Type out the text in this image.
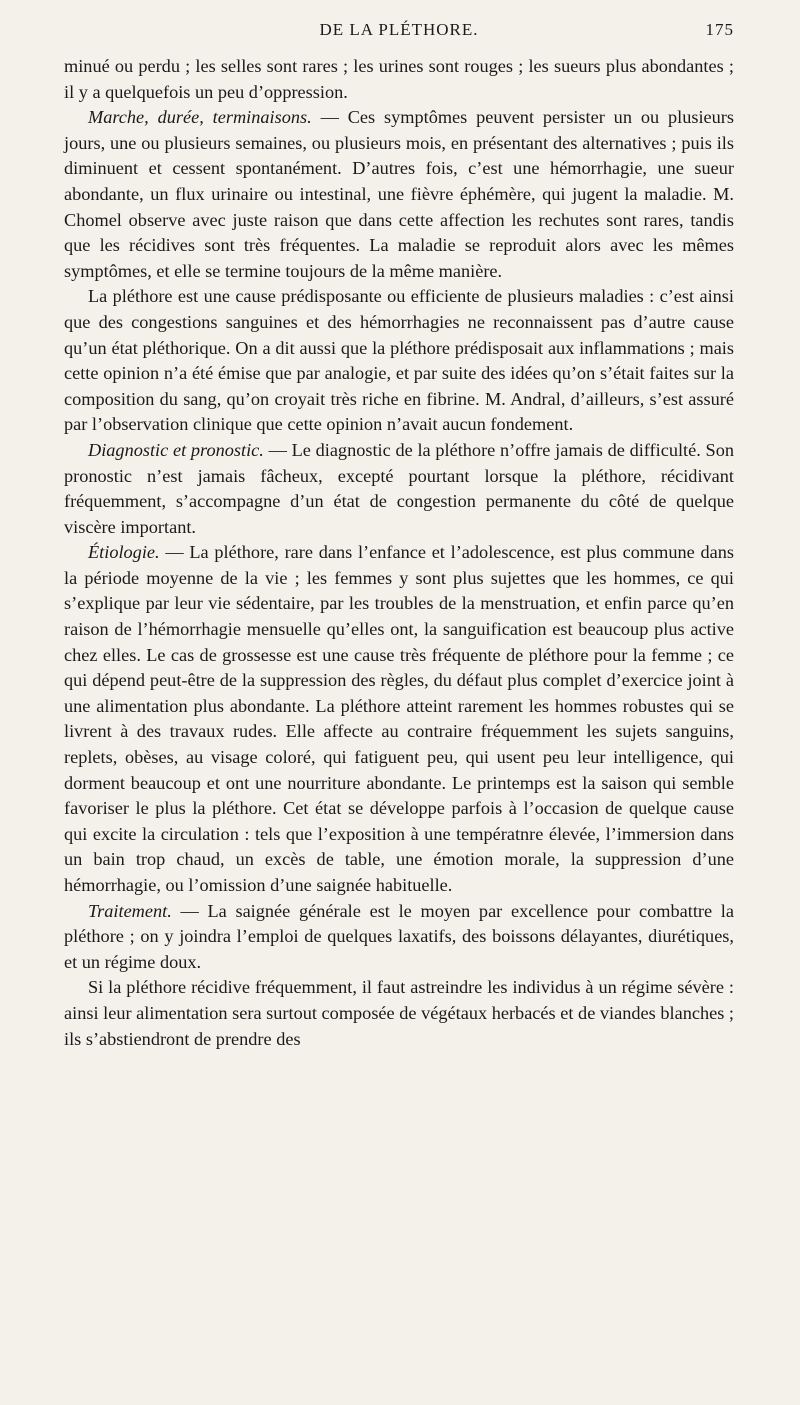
DE LA PLÉTHORE.	175

minué ou perdu ; les selles sont rares ; les urines sont rouges ; les sueurs plus abondantes ; il y a quelquefois un peu d’oppression.

Marche, durée, terminaisons. — Ces symptômes peuvent persister un ou plusieurs jours, une ou plusieurs semaines, ou plusieurs mois, en présentant des alternatives ; puis ils diminuent et cessent spontanément. D’autres fois, c’est une hémorrhagie, une sueur abondante, un flux urinaire ou intestinal, une fièvre éphémère, qui jugent la maladie. M. Chomel observe avec juste raison que dans cette affection les rechutes sont rares, tandis que les récidives sont très fréquentes. La maladie se reproduit alors avec les mêmes symptômes, et elle se termine toujours de la même manière.

La pléthore est une cause prédisposante ou efficiente de plusieurs maladies : c’est ainsi que des congestions sanguines et des hémorrhagies ne reconnaissent pas d’autre cause qu’un état pléthorique. On a dit aussi que la pléthore prédisposait aux inflammations ; mais cette opinion n’a été émise que par analogie, et par suite des idées qu’on s’était faites sur la composition du sang, qu’on croyait très riche en fibrine. M. Andral, d’ailleurs, s’est assuré par l’observation clinique que cette opinion n’avait aucun fondement.

Diagnostic et pronostic. — Le diagnostic de la pléthore n’offre jamais de difficulté. Son pronostic n’est jamais fâcheux, excepté pourtant lorsque la pléthore, récidivant fréquemment, s’accompagne d’un état de congestion permanente du côté de quelque viscère important.

Étiologie. — La pléthore, rare dans l’enfance et l’adolescence, est plus commune dans la période moyenne de la vie ; les femmes y sont plus sujettes que les hommes, ce qui s’explique par leur vie sédentaire, par les troubles de la menstruation, et enfin parce qu’en raison de l’hémorrhagie mensuelle qu’elles ont, la sanguification est beaucoup plus active chez elles. Le cas de grossesse est une cause très fréquente de pléthore pour la femme ; ce qui dépend peut-être de la suppression des règles, du défaut plus complet d’exercice joint à une alimentation plus abondante. La pléthore atteint rarement les hommes robustes qui se livrent à des travaux rudes. Elle affecte au contraire fréquemment les sujets sanguins, replets, obèses, au visage coloré, qui fatiguent peu, qui usent peu leur intelligence, qui dorment beaucoup et ont une nourriture abondante. Le printemps est la saison qui semble favoriser le plus la pléthore. Cet état se développe parfois à l’occasion de quelque cause qui excite la circulation : tels que l’exposition à une températnre élevée, l’immersion dans un bain trop chaud, un excès de table, une émotion morale, la suppression d’une hémorrhagie, ou l’omission d’une saignée habituelle.

Traitement. — La saignée générale est le moyen par excellence pour combattre la pléthore ; on y joindra l’emploi de quelques laxatifs, des boissons délayantes, diurétiques, et un régime doux.

Si la pléthore récidive fréquemment, il faut astreindre les individus à un régime sévère : ainsi leur alimentation sera surtout composée de végétaux herbacés et de viandes blanches ; ils s’abstiendront de prendre des
